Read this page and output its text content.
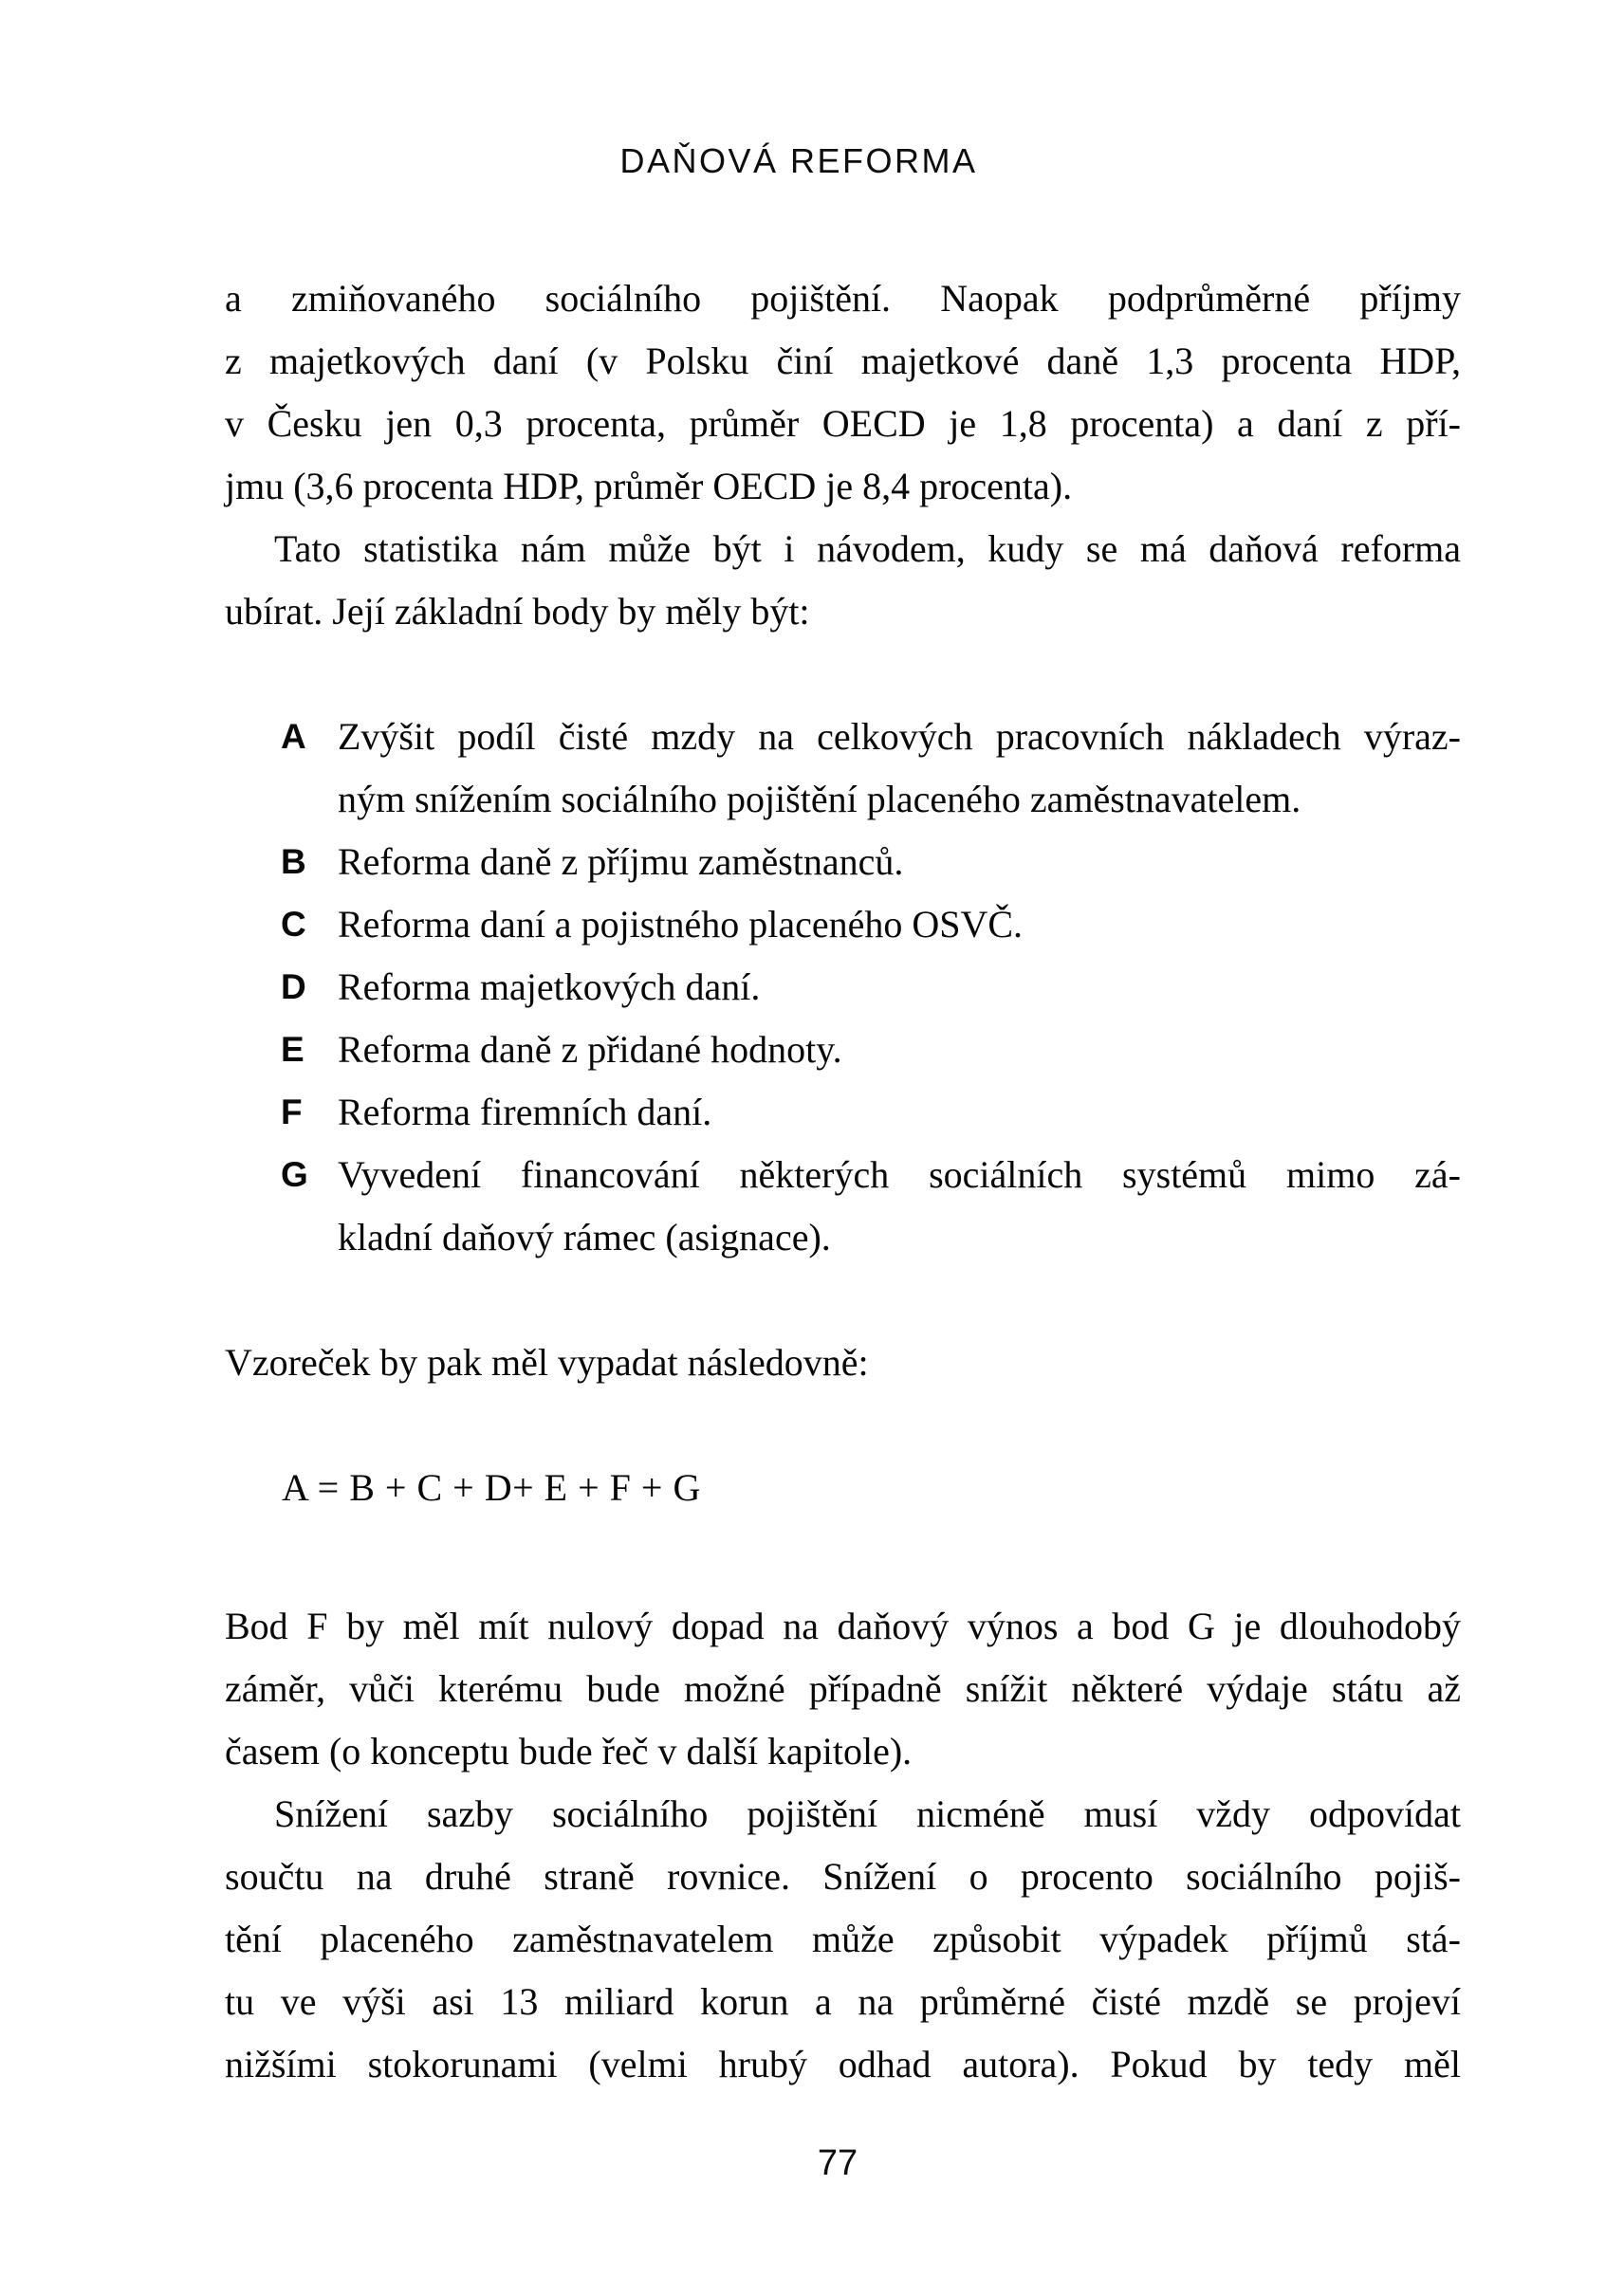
DAŇOVÁ REFORMA
a zmiňovaného sociálního pojištění. Naopak podprůměrné příjmy
z majetkových daní (v Polsku činí majetkové daně 1,3 procenta HDP,
v Česku jen 0,3 procenta, průměr OECD je 1,8 procenta) a daní z pří-
jmu (3,6 procenta HDP, průměr OECD je 8,4 procenta).
Tato statistika nám může být i návodem, kudy se má daňová reforma
ubírat. Její základní body by měly být:
A Zvýšit podíl čisté mzdy na celkových pracovních nákladech výraz-
ným snížením sociálního pojištění placeného zaměstnavatelem.
B Reforma daně z příjmu zaměstnanců.
C Reforma daní a pojistného placeného OSVČ.
D Reforma majetkových daní.
E Reforma daně z přidané hodnoty.
F Reforma firemních daní.
G Vyvedení financování některých sociálních systémů mimo zá-
kladní daňový rámec (asignace).
Vzoreček by pak měl vypadat následovně:
A = B + C + D+ E + F + G
Bod F by měl mít nulový dopad na daňový výnos a bod G je dlouhodobý
záměr, vůči kterému bude možné případně snížit některé výdaje státu až
časem (o konceptu bude řeč v další kapitole).
Snížení sazby sociálního pojištění nicméně musí vždy odpovídat
součtu na druhé straně rovnice. Snížení o procento sociálního pojiš-
tění placeného zaměstnavatelem může způsobit výpadek příjmů stá-
tu ve výši asi 13 miliard korun a na průměrné čisté mzdě se projeví
nižšími stokorunami (velmi hrubý odhad autora). Pokud by tedy měl
77
